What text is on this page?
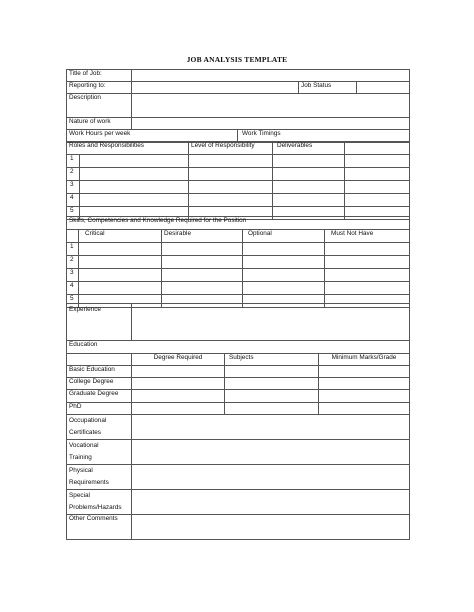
JOB ANALYSIS TEMPLATE
Title of Job:			
Reporting to:		Job Status	
Description			
Nature of work			
Work Hours per week	Work Timings
Roles and Responsibilities		Level of Responsibility	Deliverables	
1				
2				
3				
4				
5				
Skills, Competencies and Knowledge Required for the Position				
	Critical	Desirable	Optional	Must Not Have
1				
2				
3				
4				
5				
Experience	
Education			
	Degree Required	Subjects	Minimum Marks/Grade
Basic Education			
College Degree			
Graduate Degree			
PhD			
Occupational
Certificates	

Vocational
Training	

Physical
Requirements	

Special
Problems/Hazards	

Other Comments	
